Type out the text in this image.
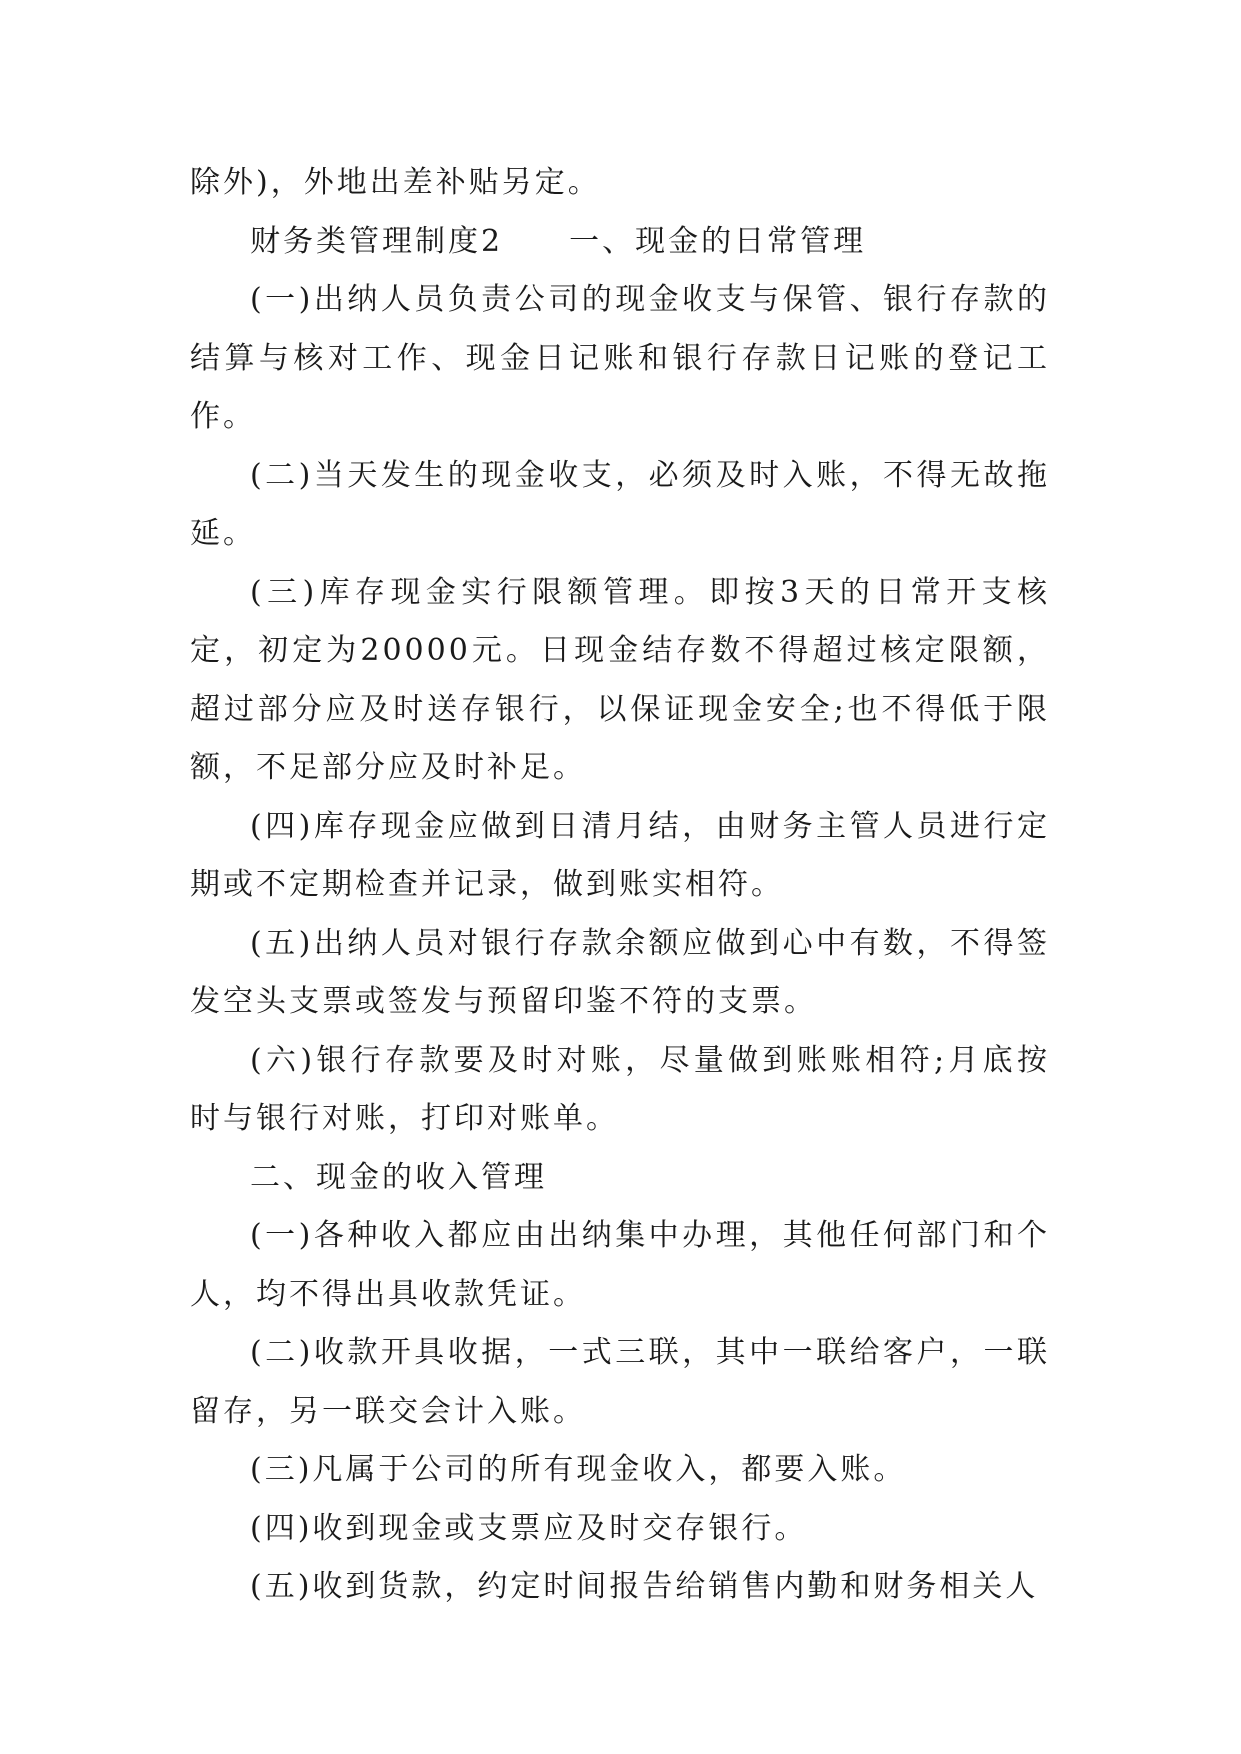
除外)，外地出差补贴另定。

财务类管理制度2　　一、现金的日常管理

(一)出纳人员负责公司的现金收支与保管、银行存款的结算与核对工作、现金日记账和银行存款日记账的登记工作。

(二)当天发生的现金收支，必须及时入账，不得无故拖延。

(三)库存现金实行限额管理。即按3天的日常开支核定，初定为20000元。日现金结存数不得超过核定限额，超过部分应及时送存银行，以保证现金安全;也不得低于限额，不足部分应及时补足。

(四)库存现金应做到日清月结，由财务主管人员进行定期或不定期检查并记录，做到账实相符。

(五)出纳人员对银行存款余额应做到心中有数，不得签发空头支票或签发与预留印鉴不符的支票。

(六)银行存款要及时对账，尽量做到账账相符;月底按时与银行对账，打印对账单。

二、现金的收入管理

(一)各种收入都应由出纳集中办理，其他任何部门和个人，均不得出具收款凭证。

(二)收款开具收据，一式三联，其中一联给客户，一联留存，另一联交会计入账。

(三)凡属于公司的所有现金收入，都要入账。

(四)收到现金或支票应及时交存银行。

(五)收到货款，约定时间报告给销售内勤和财务相关人
